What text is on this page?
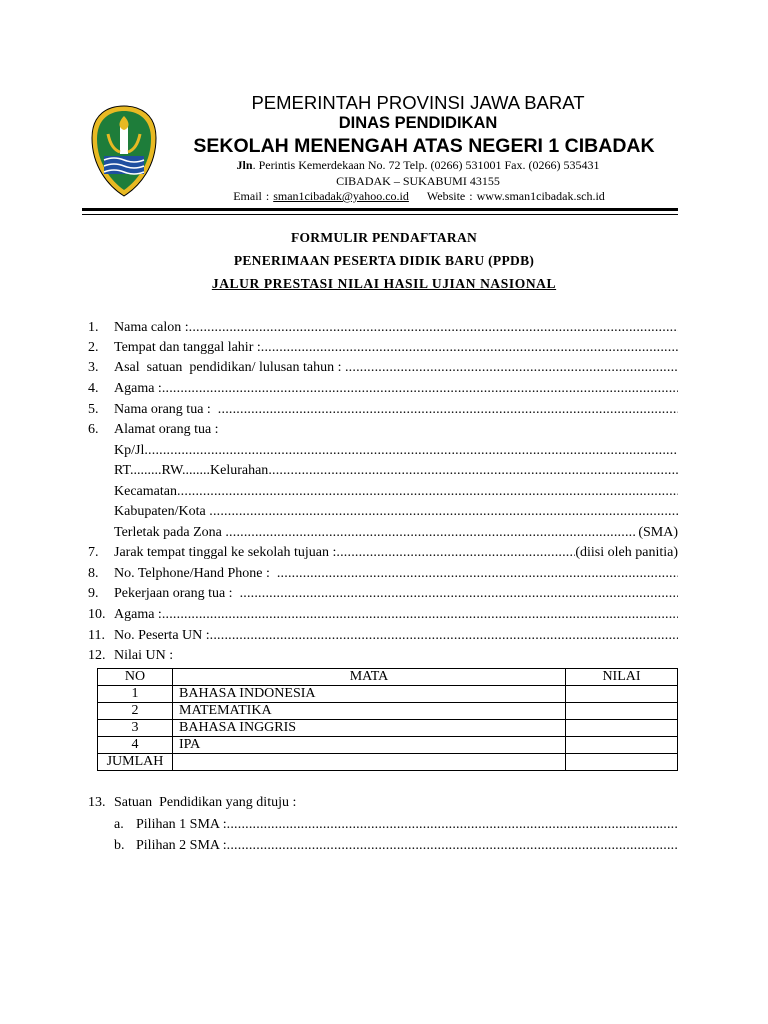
PEMERINTAH PROVINSI JAWA BARAT
DINAS PENDIDIKAN
SEKOLAH MENENGAH ATAS NEGERI 1 CIBADAK
Jln. Perintis Kemerdekaan No. 72 Telp. (0266) 531001 Fax. (0266) 535431
CIBADAK – SUKABUMI 43155
Email : sman1cibadak@yahoo.co.id Website : www.sman1cibadak.sch.id
FORMULIR PENDAFTARAN
PENERIMAAN PESERTA DIDIK BARU (PPDB)
JALUR PRESTASI NILAI HASIL UJIAN NASIONAL
1.	Nama calon :
.....
2.	Tempat dan tanggal lahir :
.....
3.	Asal  satuan  pendidikan/ lulusan tahun :
.....
4.	Agama :
.....
5.	Nama orang tua :
.....
6.	Alamat orang tua :
Kp/Jl
.....
RT.........RW........Kelurahan
.....
Kecamatan
.....
Kabupaten/Kota
.....
Terletak pada Zona .....	(SMA)
7.	Jarak tempat tinggal ke sekolah tujuan : .....	(diisi oleh panitia)
8.	No. Telphone/Hand Phone :
.....
9.	Pekerjaan orang tua :
.....
10. Agama :
.....
11. No. Peserta UN :
.....
12. Nilai UN :
NO	MATA	NILAI
1	BAHASA INDONESIA	
2	MATEMATIKA	
3	BAHASA INGGRIS	
4	IPA	
JUMLAH		
13. Satuan  Pendidikan yang dituju :
a. Pilihan 1 SMA :
.....
b. Pilihan 2 SMA :
.....
